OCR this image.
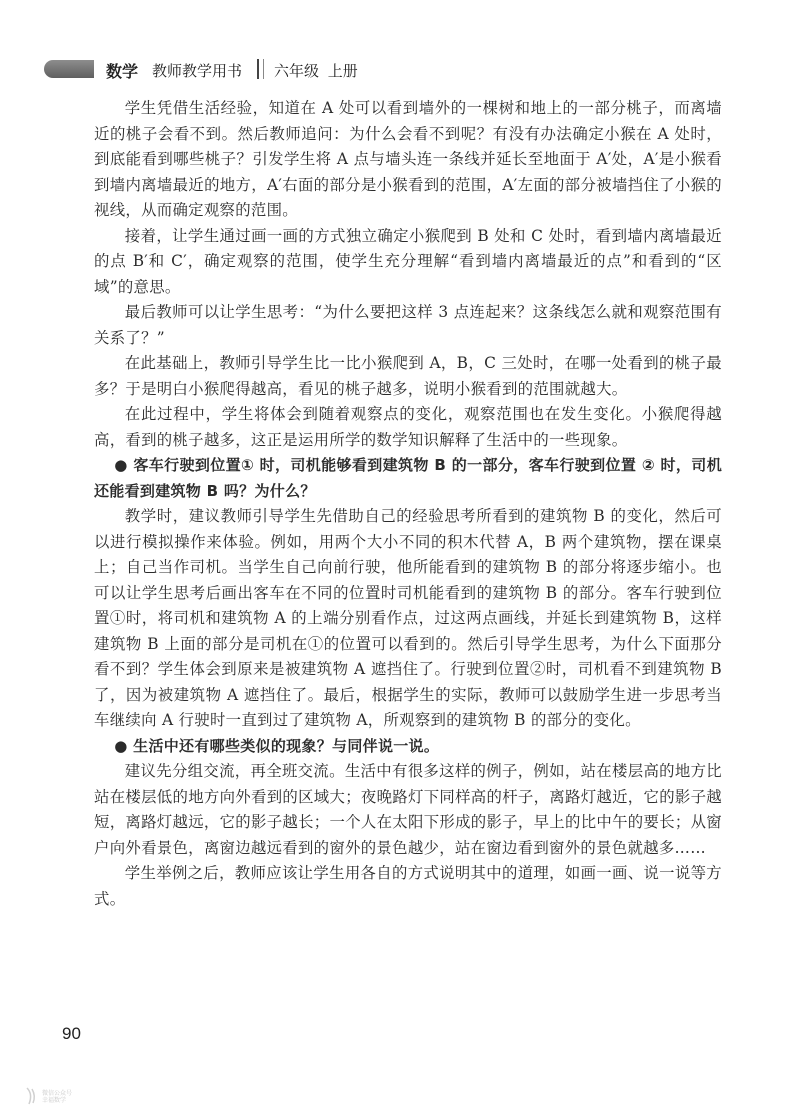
数学 教师教学用书 六年级 上册

学生凭借生活经验，知道在 A 处可以看到墙外的一棵树和地上的一部分桃子，而离墙近的桃子会看不到。然后教师追问：为什么会看不到呢？有没有办法确定小猴在 A 处时，到底能看到哪些桃子？引发学生将 A 点与墙头连一条线并延长至地面于 A′处，A′是小猴看到墙内离墙最近的地方，A′右面的部分是小猴看到的范围，A′左面的部分被墙挡住了小猴的视线，从而确定观察的范围。

接着，让学生通过画一画的方式独立确定小猴爬到 B 处和 C 处时，看到墙内离墙最近的点 B′和 C′，确定观察的范围，使学生充分理解“看到墙内离墙最近的点”和看到的“区域”的意思。

最后教师可以让学生思考：“为什么要把这样 3 点连起来？这条线怎么就和观察范围有关系了？”

在此基础上，教师引导学生比一比小猴爬到 A，B，C 三处时，在哪一处看到的桃子最多？于是明白小猴爬得越高，看见的桃子越多，说明小猴看到的范围就越大。

在此过程中，学生将体会到随着观察点的变化，观察范围也在发生变化。小猴爬得越高，看到的桃子越多，这正是运用所学的数学知识解释了生活中的一些现象。

● 客车行驶到位置① 时，司机能够看到建筑物 B 的一部分，客车行驶到位置 ② 时，司机还能看到建筑物 B 吗？为什么？

教学时，建议教师引导学生先借助自己的经验思考所看到的建筑物 B 的变化，然后可以进行模拟操作来体验。例如，用两个大小不同的积木代替 A，B 两个建筑物，摆在课桌上；自己当作司机。当学生自己向前行驶，他所能看到的建筑物 B 的部分将逐步缩小。也可以让学生思考后画出客车在不同的位置时司机能看到的建筑物 B 的部分。客车行驶到位置①时，将司机和建筑物 A 的上端分别看作点，过这两点画线，并延长到建筑物 B，这样建筑物 B 上面的部分是司机在①的位置可以看到的。然后引导学生思考，为什么下面那分看不到？学生体会到原来是被建筑物 A 遮挡住了。行驶到位置②时，司机看不到建筑物 B 了，因为被建筑物 A 遮挡住了。最后，根据学生的实际，教师可以鼓励学生进一步思考当车继续向 A 行驶时一直到过了建筑物 A，所观察到的建筑物 B 的部分的变化。

● 生活中还有哪些类似的现象？与同伴说一说。

建议先分组交流，再全班交流。生活中有很多这样的例子，例如，站在楼层高的地方比站在楼层低的地方向外看到的区域大；夜晚路灯下同样高的杆子，离路灯越近，它的影子越短，离路灯越远，它的影子越长；一个人在太阳下形成的影子，早上的比中午的要长；从窗户向外看景色，离窗边越远看到的窗外的景色越少，站在窗边看到窗外的景色就越多……

学生举例之后，教师应该让学生用各自的方式说明其中的道理，如画一画、说一说等方式。

90
微信公众号
幸福数学
